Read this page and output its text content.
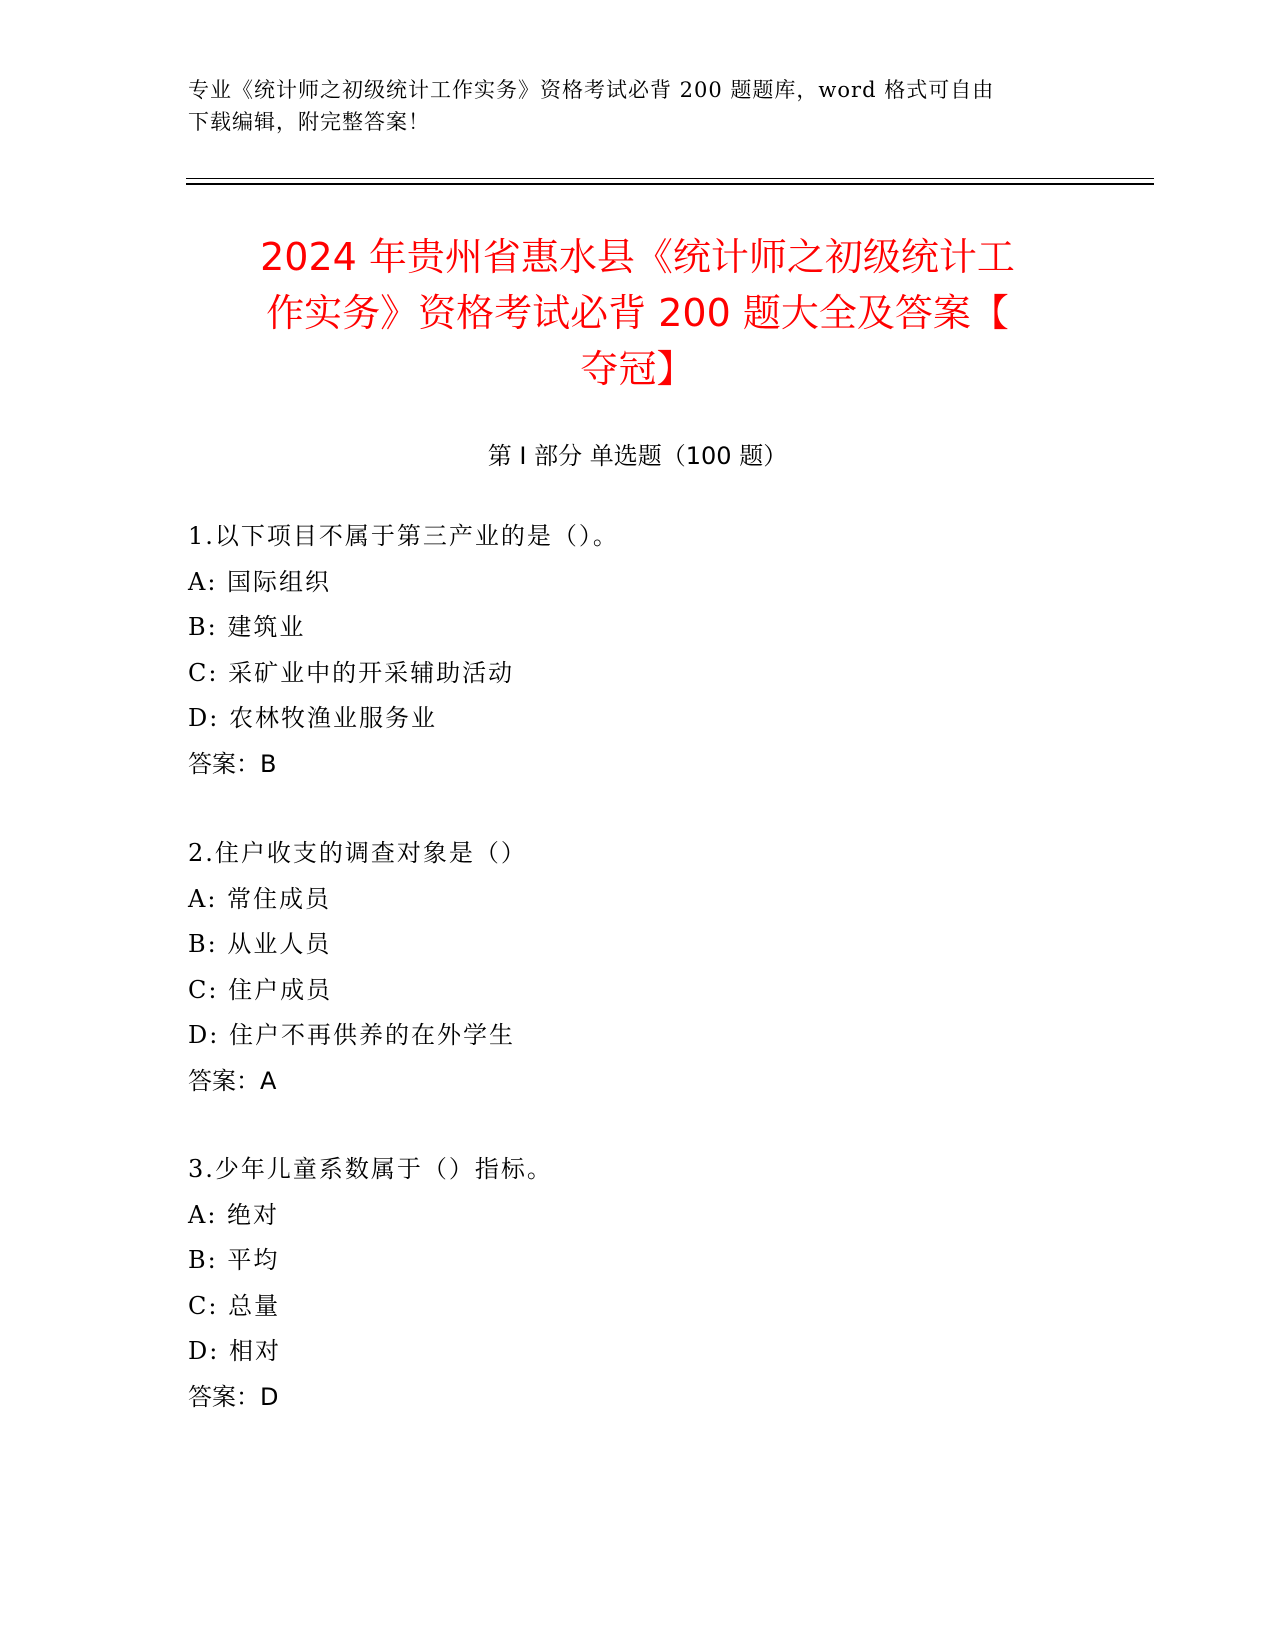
专业《统计师之初级统计工作实务》资格考试必背 200 题题库，word 格式可自由
下载编辑，附完整答案！
2024 年贵州省惠水县《统计师之初级统计工
作实务》资格考试必背 200 题大全及答案【
夺冠】
第 I 部分 单选题（100 题）
1.以下项目不属于第三产业的是（）。
A: 国际组织
B: 建筑业
C: 采矿业中的开采辅助活动
D: 农林牧渔业服务业
答案：B
2.住户收支的调查对象是（）
A: 常住成员
B: 从业人员
C: 住户成员
D: 住户不再供养的在外学生
答案：A
3.少年儿童系数属于（）指标。
A: 绝对
B: 平均
C: 总量
D: 相对
答案：D
